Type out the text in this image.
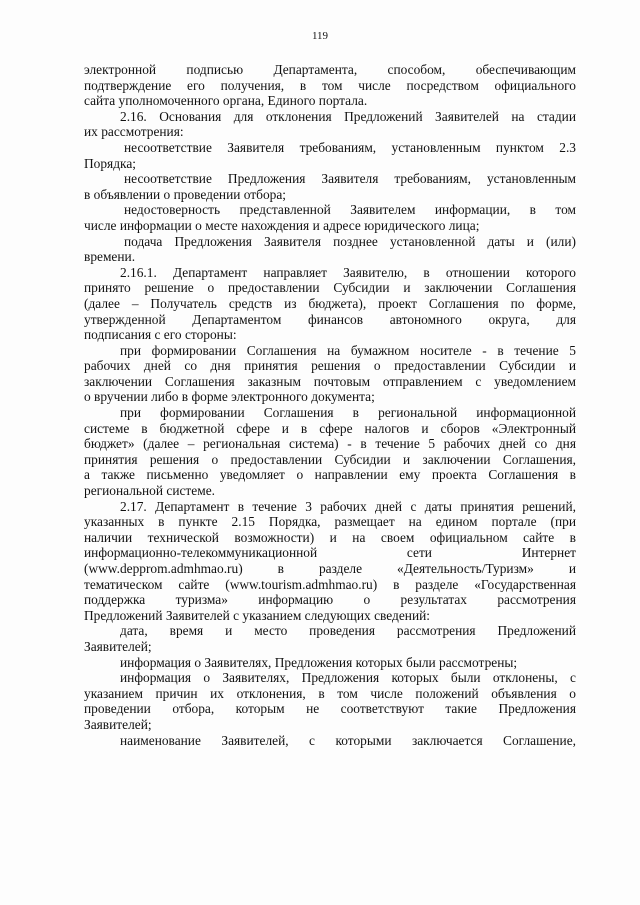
119
электронной подписью Департамента, способом, обеспечивающим
подтверждение его получения, в том числе посредством официального
сайта уполномоченного органа, Единого портала.
2.16. Основания для отклонения Предложений Заявителей на стадии
их рассмотрения:
несоответствие Заявителя требованиям, установленным пунктом 2.3
Порядка;
несоответствие Предложения Заявителя требованиям, установленным
в объявлении о проведении отбора;
недостоверность представленной Заявителем информации, в том
числе информации о месте нахождения и адресе юридического лица;
подача Предложения Заявителя позднее установленной даты и (или)
времени.
2.16.1. Департамент направляет Заявителю, в отношении которого
принято решение о предоставлении Субсидии и заключении Соглашения
(далее – Получатель средств из бюджета), проект Соглашения по форме,
утвержденной Департаментом финансов автономного округа, для
подписания с его стороны:
при формировании Соглашения на бумажном носителе - в течение 5
рабочих дней со дня принятия решения о предоставлении Субсидии и
заключении Соглашения заказным почтовым отправлением с уведомлением
о вручении либо в форме электронного документа;
при формировании Соглашения в региональной информационной
системе в бюджетной сфере и в сфере налогов и сборов «Электронный
бюджет» (далее – региональная система) - в течение 5 рабочих дней со дня
принятия решения о предоставлении Субсидии и заключении Соглашения,
а также письменно уведомляет о направлении ему проекта Соглашения в
региональной системе.
2.17. Департамент в течение 3 рабочих дней с даты принятия решений,
указанных в пункте 2.15 Порядка, размещает на едином портале (при
наличии технической возможности) и на своем официальном сайте в
информационно-телекоммуникационной сети Интернет
(www.depprom.admhmao.ru) в разделе «Деятельность/Туризм» и
тематическом сайте (www.tourism.admhmao.ru) в разделе «Государственная
поддержка туризма» информацию о результатах рассмотрения
Предложений Заявителей с указанием следующих сведений:
дата, время и место проведения рассмотрения Предложений
Заявителей;
информация о Заявителях, Предложения которых были рассмотрены;
информация о Заявителях, Предложения которых были отклонены, с
указанием причин их отклонения, в том числе положений объявления о
проведении отбора, которым не соответствуют такие Предложения
Заявителей;
наименование Заявителей, с которыми заключается Соглашение,
